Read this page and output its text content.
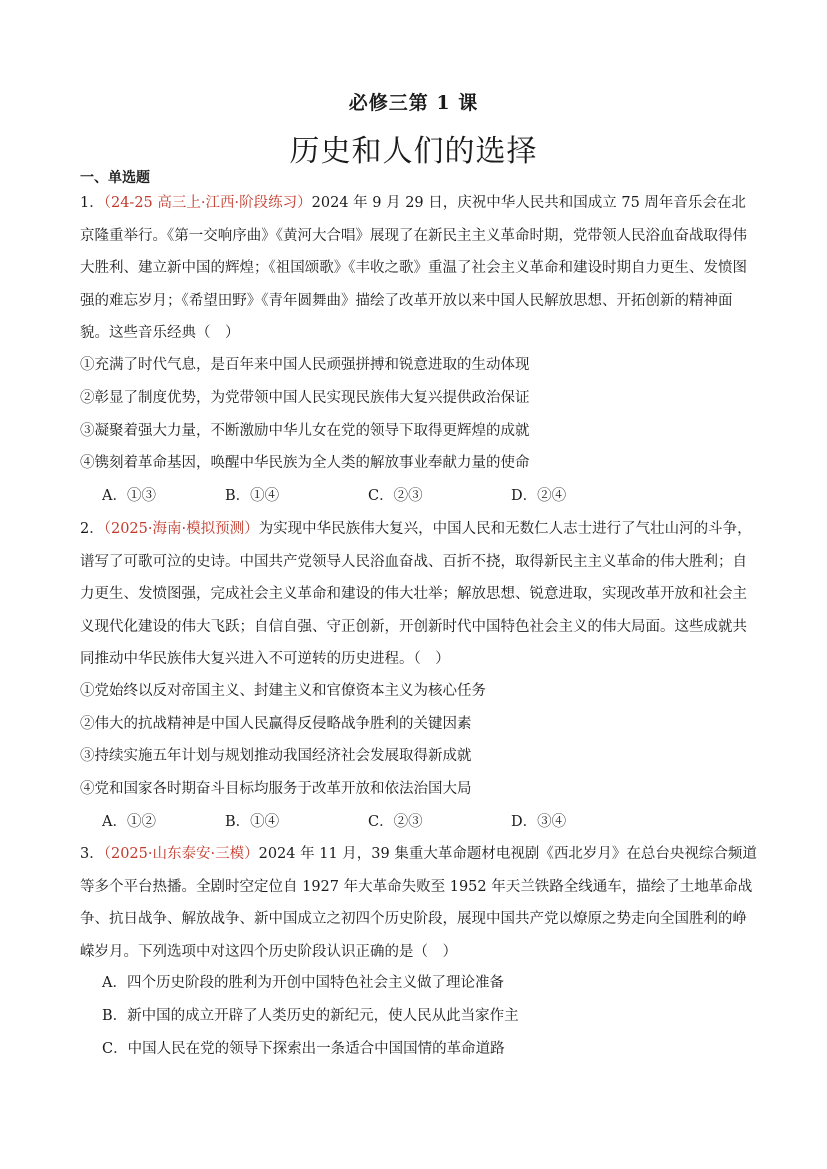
必修三第 1 课
历史和人们的选择
一、单选题
1．（24-25 高三上·江西·阶段练习）2024 年 9 月 29 日，庆祝中华人民共和国成立 75 周年音乐会在北京隆重举行。《第一交响序曲》《黄河大合唱》展现了在新民主主义革命时期，党带领人民浴血奋战取得伟大胜利、建立新中国的辉煌；《祖国颂歌》《丰收之歌》重温了社会主义革命和建设时期自力更生、发愤图强的难忘岁月；《希望田野》《青年圆舞曲》描绘了改革开放以来中国人民解放思想、开拓创新的精神面貌。这些音乐经典（　）
①充满了时代气息，是百年来中国人民顽强拼搏和锐意进取的生动体现
②彰显了制度优势，为党带领中国人民实现民族伟大复兴提供政治保证
③凝聚着强大力量，不断激励中华儿女在党的领导下取得更辉煌的成就
④镌刻着革命基因，唤醒中华民族为全人类的解放事业奉献力量的使命
A．①③	B．①④	C．②③	D．②④
2．（2025·海南·模拟预测）为实现中华民族伟大复兴，中国人民和无数仁人志士进行了气壮山河的斗争，谱写了可歌可泣的史诗。中国共产党领导人民浴血奋战、百折不挠，取得新民主主义革命的伟大胜利；自力更生、发愤图强，完成社会主义革命和建设的伟大壮举；解放思想、锐意进取，实现改革开放和社会主义现代化建设的伟大飞跃；自信自强、守正创新，开创新时代中国特色社会主义的伟大局面。这些成就共同推动中华民族伟大复兴进入不可逆转的历史进程。（　）
①党始终以反对帝国主义、封建主义和官僚资本主义为核心任务
②伟大的抗战精神是中国人民赢得反侵略战争胜利的关键因素
③持续实施五年计划与规划推动我国经济社会发展取得新成就
④党和国家各时期奋斗目标均服务于改革开放和依法治国大局
A．①②	B．①④	C．②③	D．③④
3．（2025·山东泰安·三模）2024 年 11 月，39 集重大革命题材电视剧《西北岁月》在总台央视综合频道等多个平台热播。全剧时空定位自 1927 年大革命失败至 1952 年天兰铁路全线通车，描绘了土地革命战争、抗日战争、解放战争、新中国成立之初四个历史阶段，展现中国共产党以燎原之势走向全国胜利的峥嵘岁月。下列选项中对这四个历史阶段认识正确的是（　）
A．四个历史阶段的胜利为开创中国特色社会主义做了理论准备
B．新中国的成立开辟了人类历史的新纪元，使人民从此当家作主
C．中国人民在党的领导下探索出一条适合中国国情的革命道路
